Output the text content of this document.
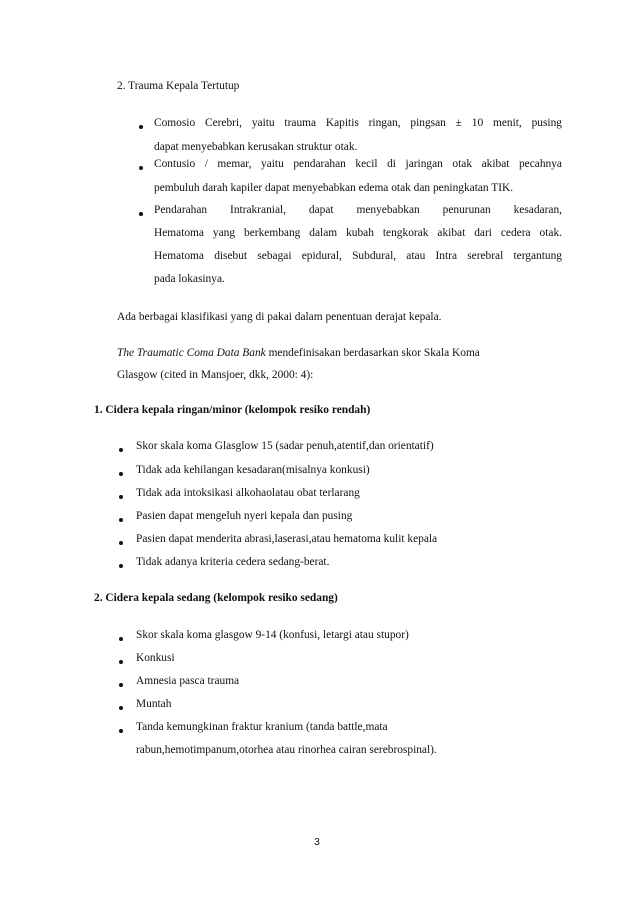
2. Trauma Kepala Tertutup
Comosio Cerebri, yaitu trauma Kapitis ringan, pingsan ± 10 menit, pusing
dapat menyebabkan kerusakan struktur otak.
Contusio / memar, yaitu pendarahan kecil di jaringan otak akibat pecahnya
pembuluh darah kapiler dapat menyebabkan edema otak dan peningkatan TIK.
Pendarahan Intrakranial, dapat menyebabkan penurunan kesadaran,
Hematoma yang berkembang dalam kubah tengkorak akibat dari cedera otak.
Hematoma disebut sebagai epidural, Subdural, atau Intra serebral tergantung
pada lokasinya.
Ada berbagai klasifikasi yang di pakai dalam penentuan derajat kepala.
The Traumatic Coma Data Bank mendefinisakan berdasarkan skor Skala Koma
Glasgow (cited in Mansjoer, dkk, 2000: 4):
1. Cidera kepala ringan/minor (kelompok resiko rendah)
Skor skala koma Glasglow 15 (sadar penuh,atentif,dan orientatif)
Tidak ada kehilangan kesadaran(misalnya konkusi)
Tidak ada intoksikasi alkohaolatau obat terlarang
Pasien dapat mengeluh nyeri kepala dan pusing
Pasien dapat menderita abrasi,laserasi,atau hematoma kulit kepala
Tidak adanya kriteria cedera sedang-berat.
2. Cidera kepala sedang (kelompok resiko sedang)
Skor skala koma glasgow 9-14 (konfusi, letargi atau stupor)
Konkusi
Amnesia pasca trauma
Muntah
Tanda kemungkinan fraktur kranium (tanda battle,mata
rabun,hemotimpanum,otorhea atau rinorhea cairan serebrospinal).
3
